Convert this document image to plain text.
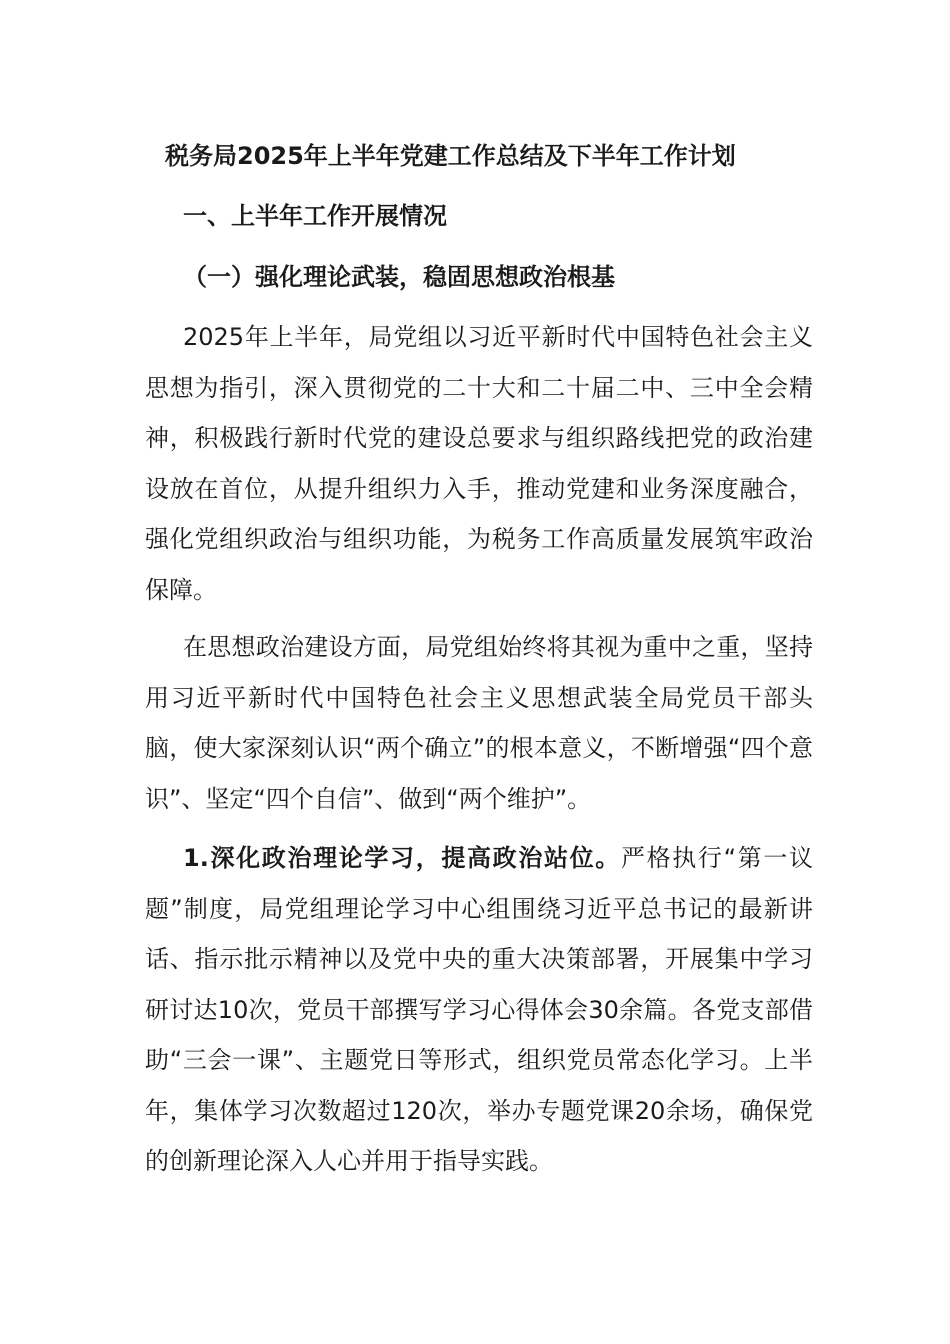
税务局2025年上半年党建工作总结及下半年工作计划
一、上半年工作开展情况
（一）强化理论武装，稳固思想政治根基
2025年上半年，局党组以习近平新时代中国特色社会主义思想为指引，深入贯彻党的二十大和二十届二中、三中全会精神，积极践行新时代党的建设总要求与组织路线把党的政治建设放在首位，从提升组织力入手，推动党建和业务深度融合，强化党组织政治与组织功能，为税务工作高质量发展筑牢政治保障。
在思想政治建设方面，局党组始终将其视为重中之重，坚持用习近平新时代中国特色社会主义思想武装全局党员干部头脑，使大家深刻认识“两个确立”的根本意义，不断增强“四个意识”、坚定“四个自信”、做到“两个维护”。
1.深化政治理论学习，提高政治站位。严格执行“第一议题”制度，局党组理论学习中心组围绕习近平总书记的最新讲话、指示批示精神以及党中央的重大决策部署，开展集中学习研讨达10次，党员干部撰写学习心得体会30余篇。各党支部借助“三会一课”、主题党日等形式，组织党员常态化学习。上半年，集体学习次数超过120次，举办专题党课20余场，确保党的创新理论深入人心并用于指导实践。
